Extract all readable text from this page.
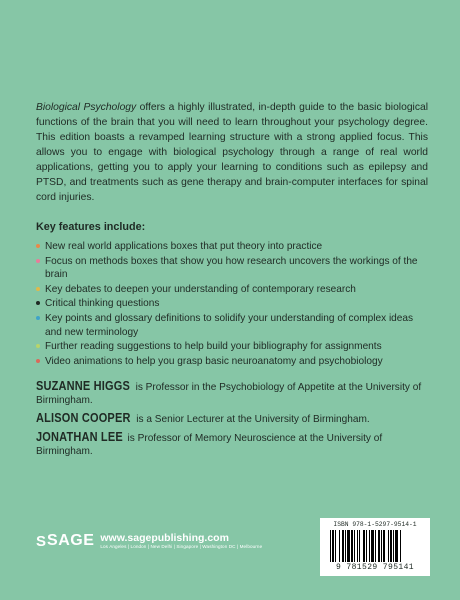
Biological Psychology offers a highly illustrated, in-depth guide to the basic biological functions of the brain that you will need to learn throughout your psychology degree. This edition boasts a revamped learning structure with a strong applied focus. This allows you to engage with biological psychology through a range of real world applications, getting you to apply your learning to conditions such as epilepsy and PTSD, and treatments such as gene therapy and brain-computer interfaces for spinal cord injuries.

Key features include:
New real world applications boxes that put theory into practice
Focus on methods boxes that show you how research uncovers the workings of the brain
Key debates to deepen your understanding of contemporary research
Critical thinking questions
Key points and glossary definitions to solidify your understanding of complex ideas and new terminology
Further reading suggestions to help build your bibliography for assignments
Video animations to help you grasp basic neuroanatomy and psychobiology
SUZANNE HIGGS is Professor in the Psychobiology of Appetite at the University of Birmingham.
ALISON COOPER is a Senior Lecturer at the University of Birmingham.
JONATHAN LEE is Professor of Memory Neuroscience at the University of Birmingham.
S SAGE www.sagepublishing.com
Los Angeles | London | New Delhi | Singapore | Washington DC | Melbourne
ISBN 978-1-5297-9514-1
9 781529 795141
